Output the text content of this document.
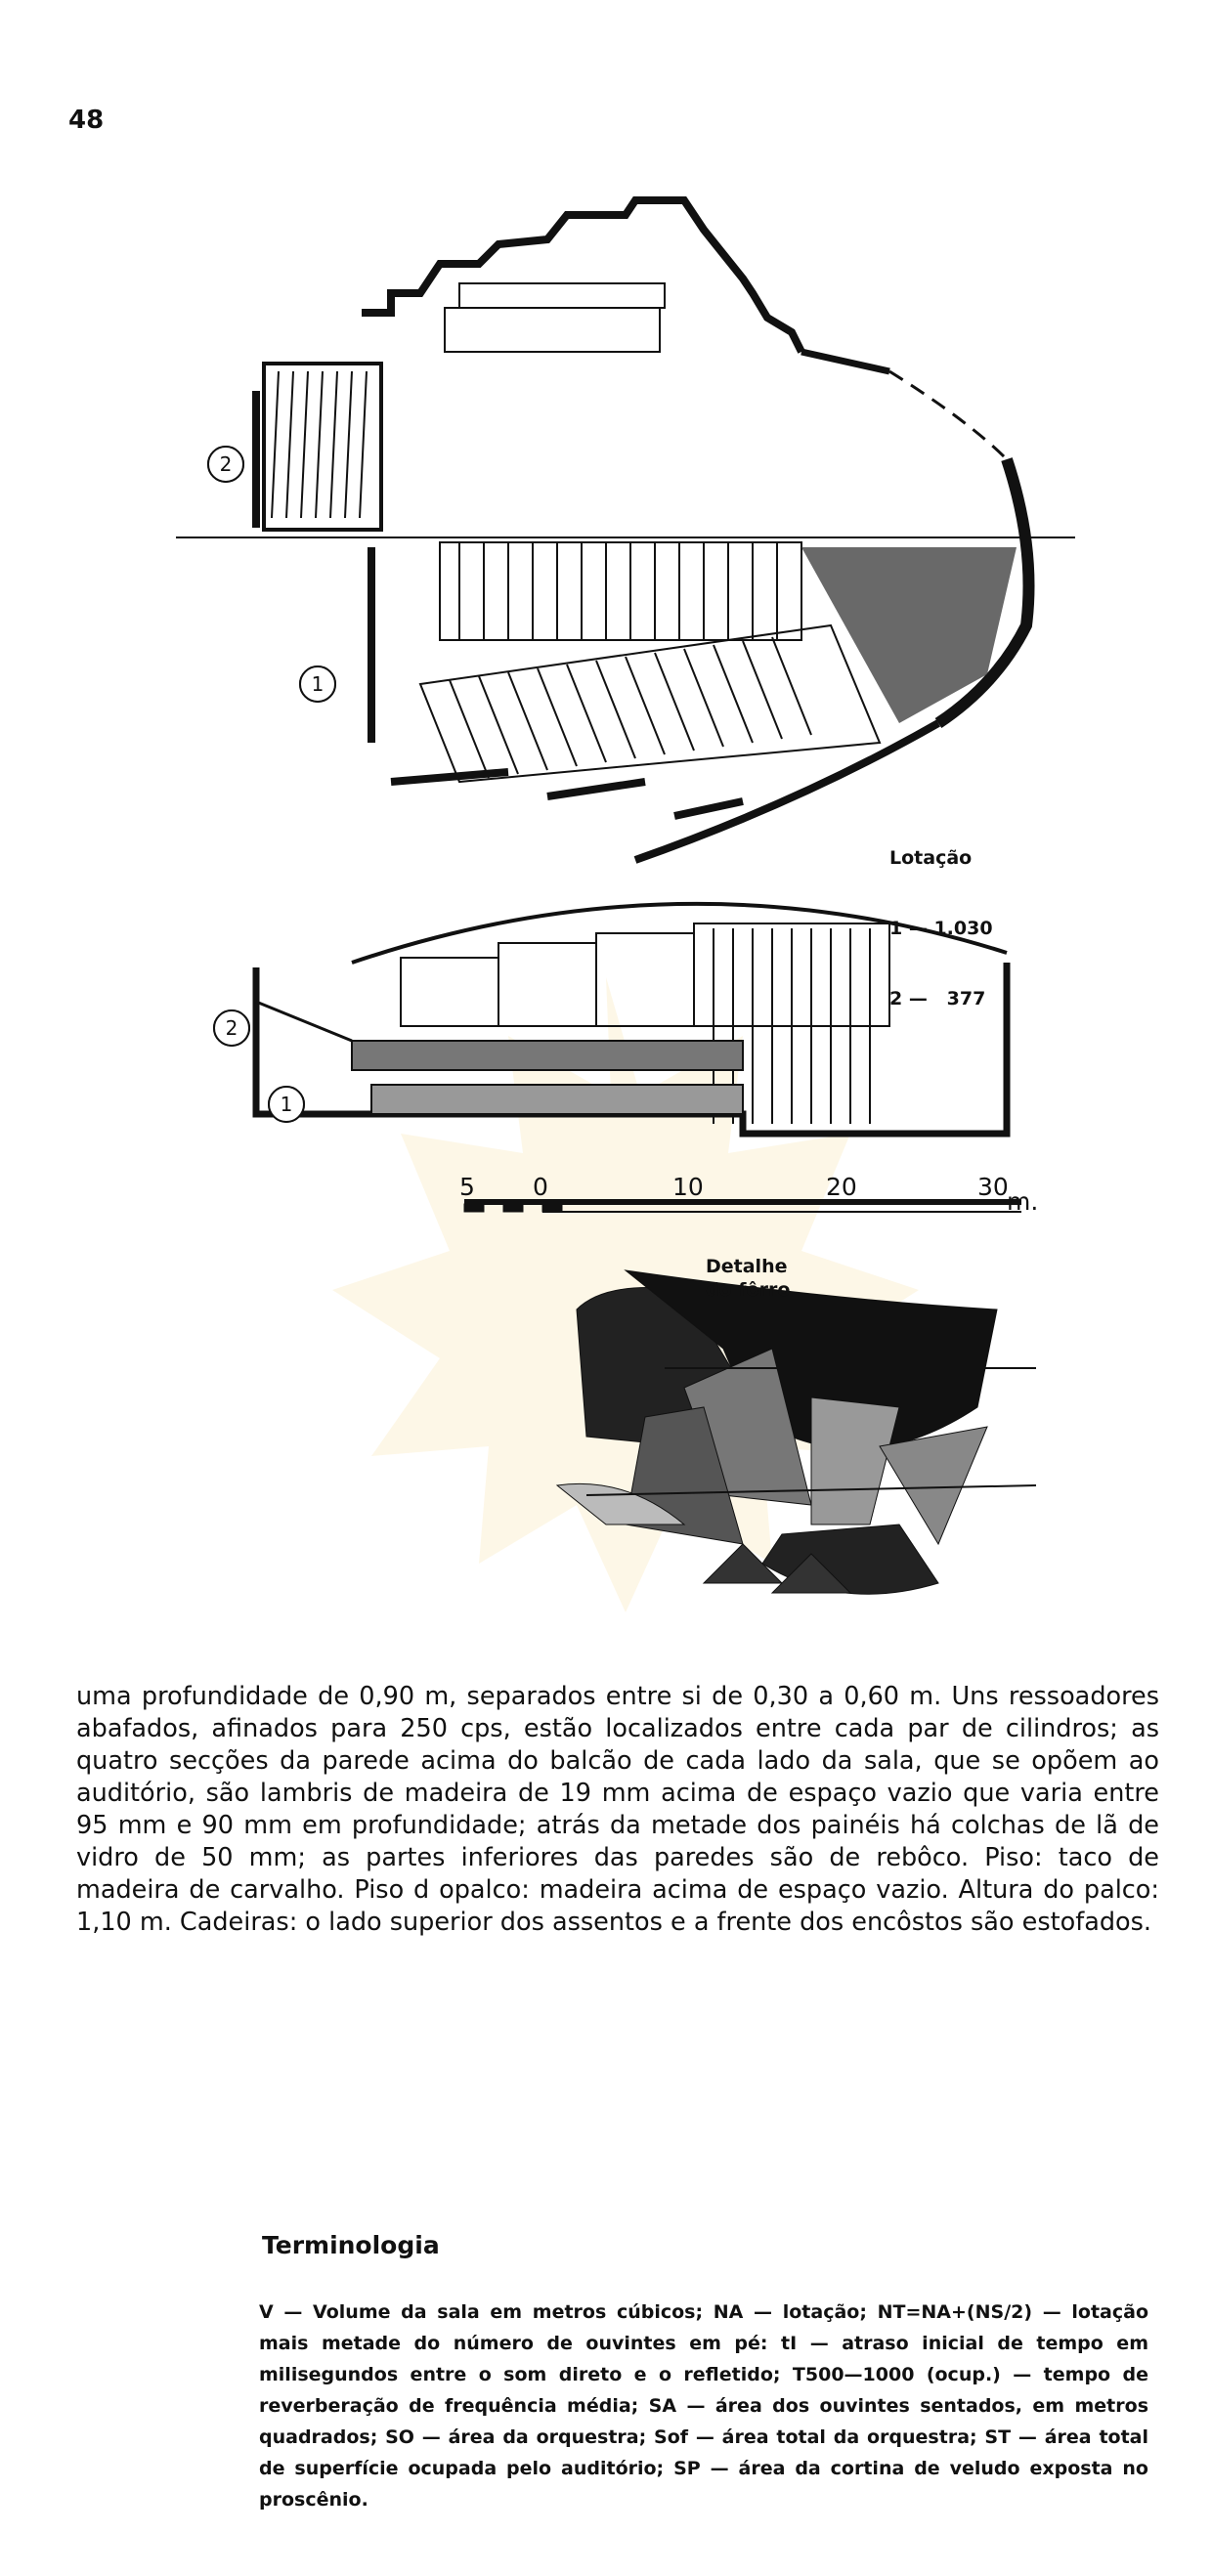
48
2
1
2
1

Lotação

1 — 1.030

2 —   377

5 0	10	20	30
m.
Detalhe
do fôrro
uma profundidade de 0,90 m, separados entre si de 0,30 a 0,60 m. Uns ressoadores abafados, afinados para 250 cps, estão localizados entre cada par de cilindros; as quatro secções da parede acima do balcão de cada lado da sala, que se opõem ao auditório, são lambris de madeira de 19 mm acima de espaço vazio que varia entre 95 mm e 90 mm em profundidade; atrás da metade dos painéis há colchas de lã de vidro de 50 mm; as partes inferiores das paredes são de rebôco. Piso: taco de madeira de carvalho. Piso d opalco: madeira acima de espaço vazio. Altura do palco: 1,10 m. Cadeiras: o lado superior dos assentos e a frente dos encôstos são estofados.
Terminologia
V — Volume da sala em metros cúbicos; NA — lotação; NT=NA+(NS/2) — lotação mais metade do número de ouvintes em pé: tI — atraso inicial de tempo em milisegundos entre o som direto e o refletido; T500—1000 (ocup.) — tempo de reverberação de frequência média; SA — área dos ouvintes sentados, em metros quadrados; SO — área da orquestra; Sof — área total da orquestra; ST — área total de superfície ocupada pelo auditório; SP — área da cortina de veludo exposta no proscênio.
